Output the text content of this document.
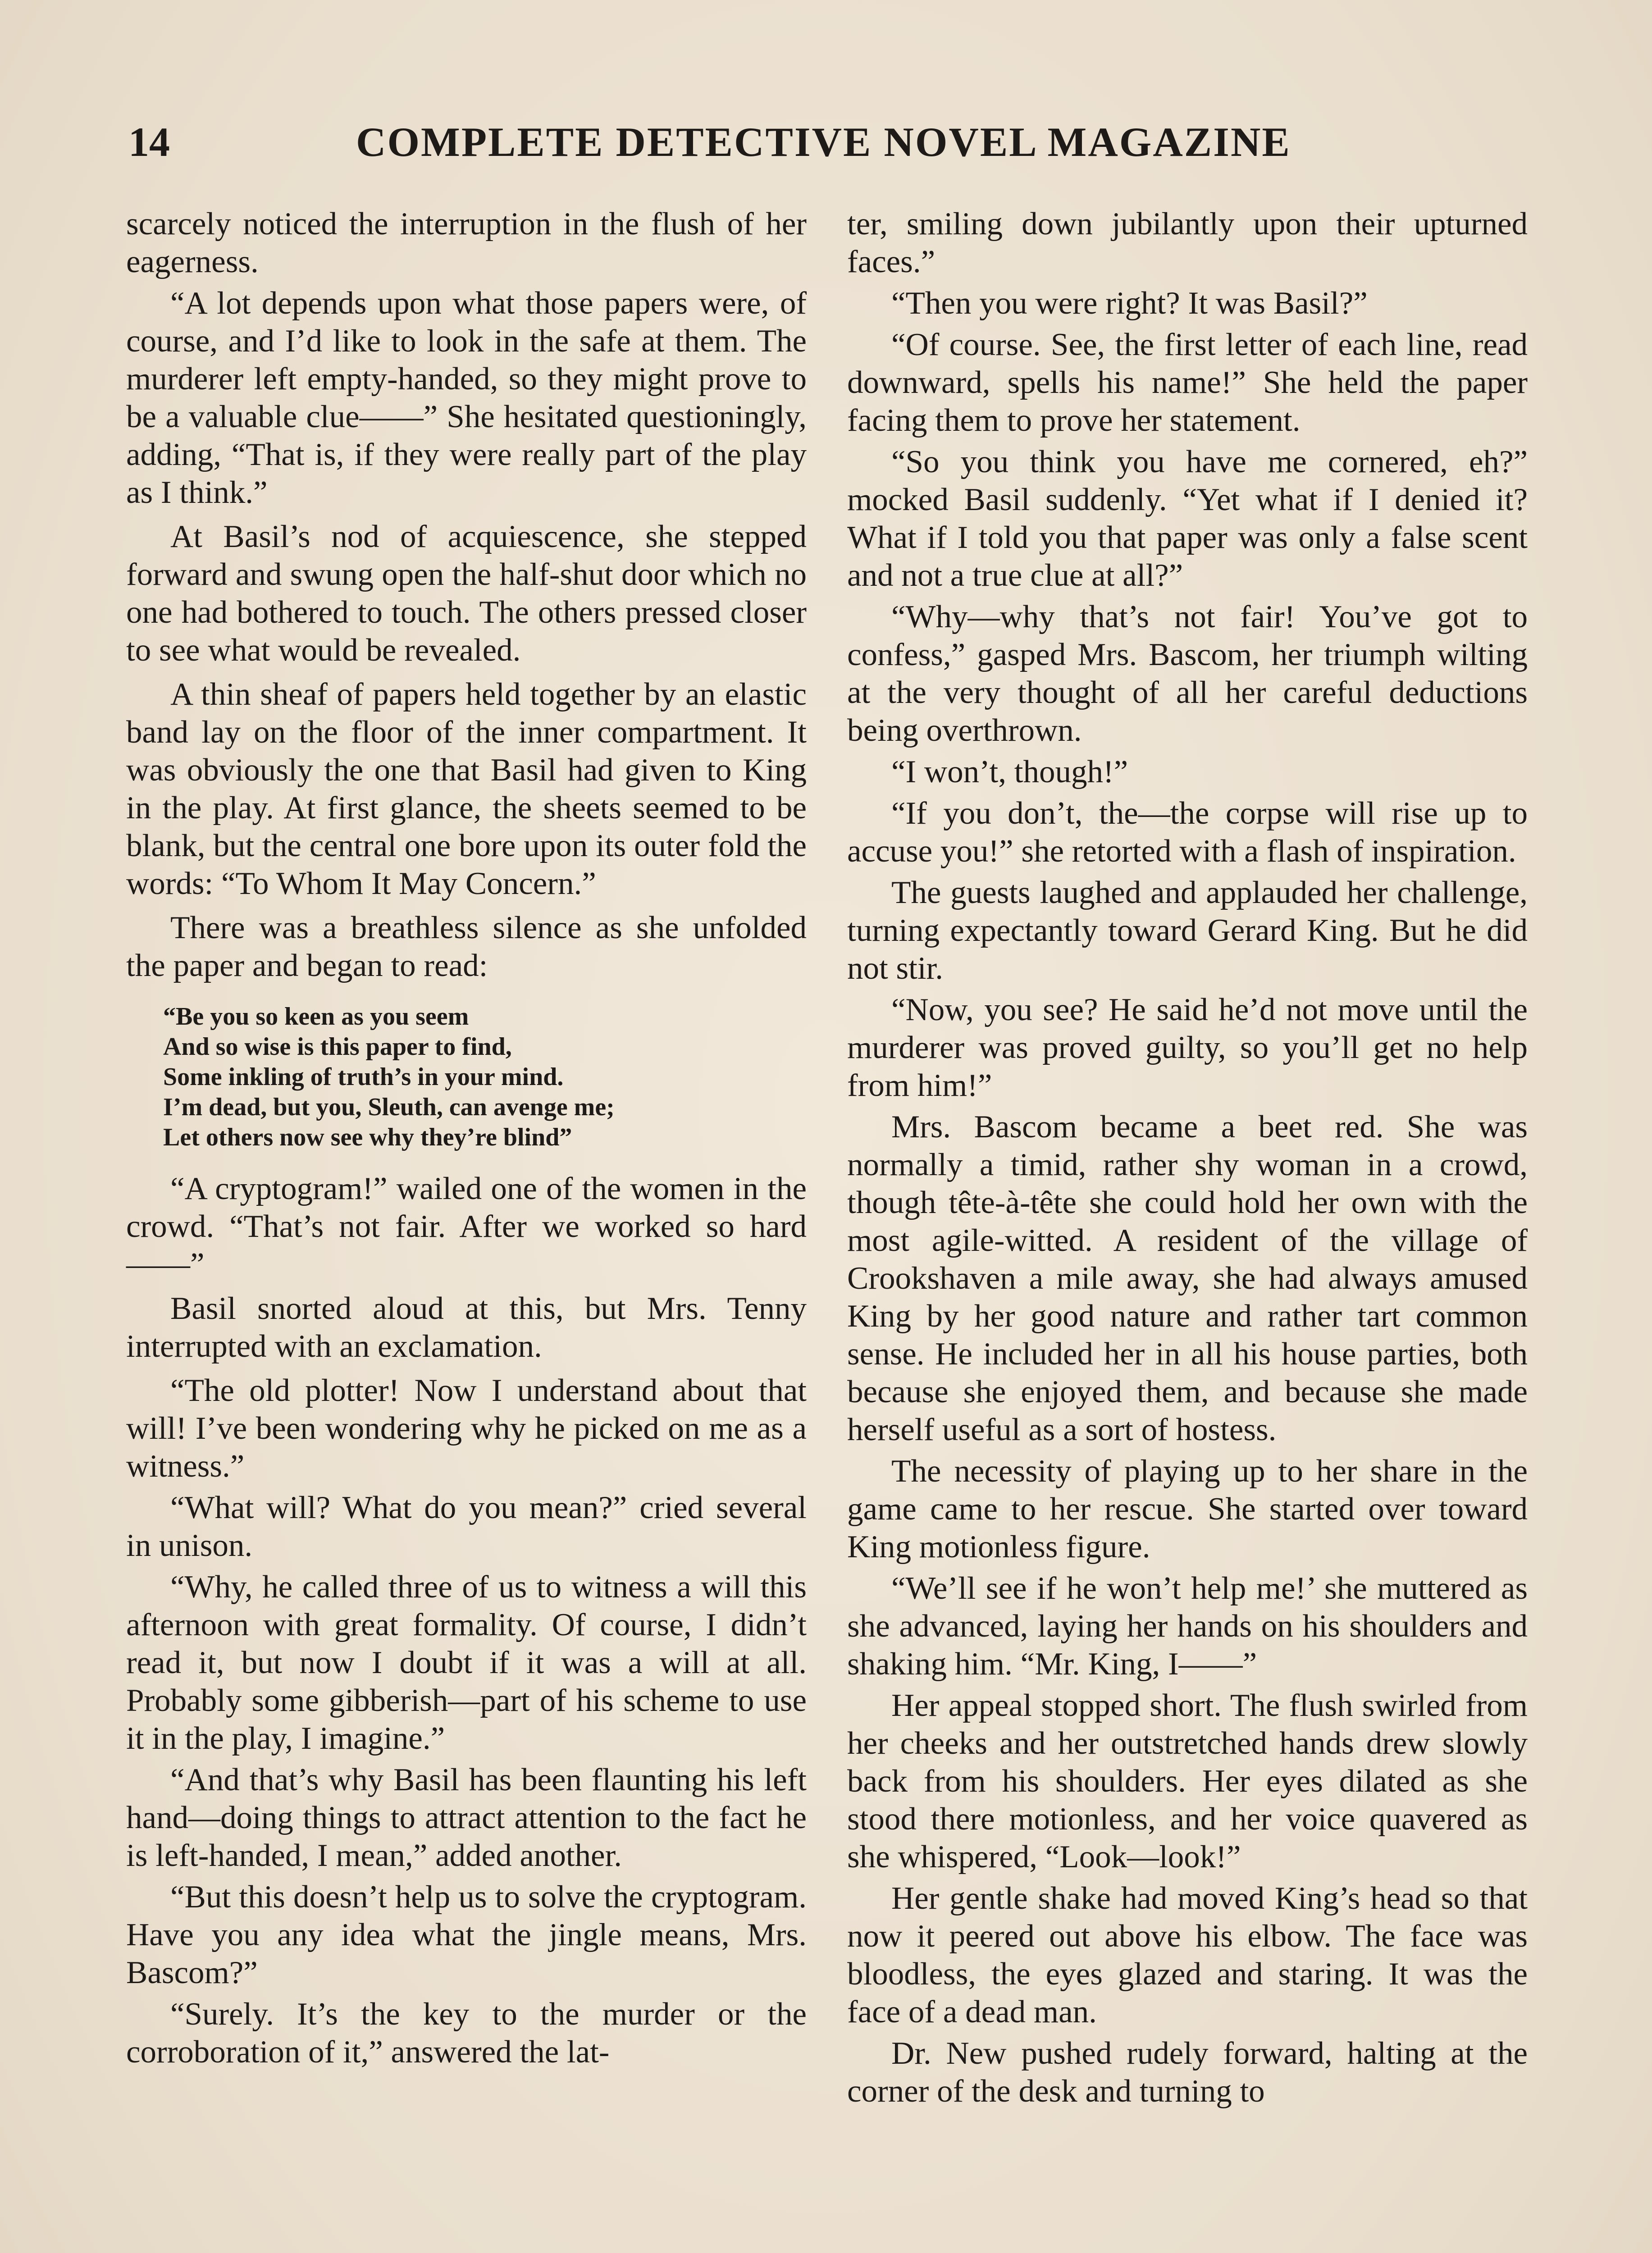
14	COMPLETE DETECTIVE NOVEL MAGAZINE

scarcely noticed the interruption in the flush of her eagerness.

“A lot depends upon what those papers were, of course, and I’d like to look in the safe at them. The murderer left empty-handed, so they might prove to be a valuable clue——” She hesitated questioningly, adding, “That is, if they were really part of the play as I think.”

At Basil’s nod of acquiescence, she stepped forward and swung open the half-shut door which no one had bothered to touch. The others pressed closer to see what would be revealed.

A thin sheaf of papers held together by an elastic band lay on the floor of the inner compartment. It was obviously the one that Basil had given to King in the play. At first glance, the sheets seemed to be blank, but the central one bore upon its outer fold the words: “To Whom It May Concern.”

There was a breathless silence as she unfolded the paper and began to read:

“Be you so keen as you seem
And so wise is this paper to find,
Some inkling of truth’s in your mind.
I’m dead, but you, Sleuth, can avenge me;
Let others now see why they’re blind”

“A cryptogram!” wailed one of the women in the crowd. “That’s not fair. After we worked so hard——”

Basil snorted aloud at this, but Mrs. Tenny interrupted with an exclamation.

“The old plotter! Now I understand about that will! I’ve been wondering why he picked on me as a witness.”

“What will? What do you mean?” cried several in unison.

“Why, he called three of us to witness a will this afternoon with great formality. Of course, I didn’t read it, but now I doubt if it was a will at all. Probably some gibberish—part of his scheme to use it in the play, I imagine.”

“And that’s why Basil has been flaunting his left hand—doing things to attract attention to the fact he is left-handed, I mean,” added another.

“But this doesn’t help us to solve the cryptogram. Have you any idea what the jingle means, Mrs. Bascom?”

“Surely. It’s the key to the murder or the corroboration of it,” answered the lat-

ter, smiling down jubilantly upon their upturned faces.”

“Then you were right? It was Basil?”

“Of course. See, the first letter of each line, read downward, spells his name!” She held the paper facing them to prove her statement.

“So you think you have me cornered, eh?” mocked Basil suddenly. “Yet what if I denied it? What if I told you that paper was only a false scent and not a true clue at all?”

“Why—why that’s not fair! You’ve got to confess,” gasped Mrs. Bascom, her triumph wilting at the very thought of all her careful deductions being overthrown.

“I won’t, though!”

“If you don’t, the—the corpse will rise up to accuse you!” she retorted with a flash of inspiration.

The guests laughed and applauded her challenge, turning expectantly toward Gerard King. But he did not stir.

“Now, you see? He said he’d not move until the murderer was proved guilty, so you’ll get no help from him!”

Mrs. Bascom became a beet red. She was normally a timid, rather shy woman in a crowd, though tête-à-tête she could hold her own with the most agile-witted. A resident of the village of Crookshaven a mile away, she had always amused King by her good nature and rather tart common sense. He included her in all his house parties, both because she enjoyed them, and because she made herself useful as a sort of hostess.

The necessity of playing up to her share in the game came to her rescue. She started over toward King motionless figure.

“We’ll see if he won’t help me!’ she muttered as she advanced, laying her hands on his shoulders and shaking him. “Mr. King, I——”

Her appeal stopped short. The flush swirled from her cheeks and her outstretched hands drew slowly back from his shoulders. Her eyes dilated as she stood there motionless, and her voice quavered as she whispered, “Look—look!”

Her gentle shake had moved King’s head so that now it peered out above his elbow. The face was bloodless, the eyes glazed and staring. It was the face of a dead man.

Dr. New pushed rudely forward, halting at the corner of the desk and turning to
